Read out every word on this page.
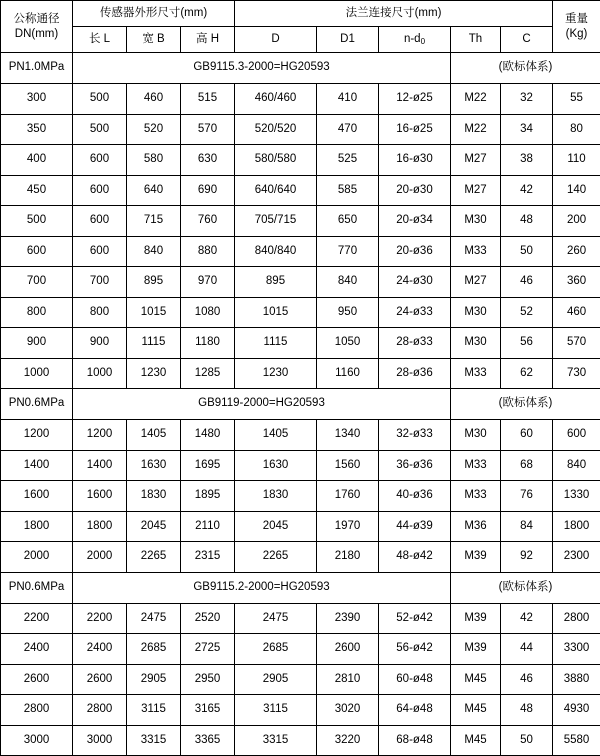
公称通径
DN(mm)	传感器外形尺寸(mm)			法兰连接尺寸(mm)					重量
(Kg)

	长 L	宽 B	高 H	D	D1	$n-d_0$	Th	C	
PN1.0MPa	GB9115.3-2000=HG20593						(欧标体系)		
300	500	460	515	460/460	410	12-ø25	M22	32	55
350	500	520	570	520/520	470	16-ø25	M22	34	80
400	600	580	630	580/580	525	16-ø30	M27	38	110
450	600	640	690	640/640	585	20-ø30	M27	42	140
500	600	715	760	705/715	650	20-ø34	M30	48	200
600	600	840	880	840/840	770	20-ø36	M33	50	260
700	700	895	970	895	840	24-ø30	M27	46	360
800	800	1015	1080	1015	950	24-ø33	M30	52	460
900	900	1115	1180	1115	1050	28-ø33	M30	56	570
1000	1000	1230	1285	1230	1160	28-ø36	M33	62	730
PN0.6MPa	GB9119-2000=HG20593						(欧标体系)		
1200	1200	1405	1480	1405	1340	32-ø33	M30	60	600
1400	1400	1630	1695	1630	1560	36-ø36	M33	68	840
1600	1600	1830	1895	1830	1760	40-ø36	M33	76	1330
1800	1800	2045	2110	2045	1970	44-ø39	M36	84	1800
2000	2000	2265	2315	2265	2180	48-ø42	M39	92	2300
PN0.6MPa	GB9115.2-2000=HG20593						(欧标体系)		
2200	2200	2475	2520	2475	2390	52-ø42	M39	42	2800
2400	2400	2685	2725	2685	2600	56-ø42	M39	44	3300
2600	2600	2905	2950	2905	2810	60-ø48	M45	46	3880
2800	2800	3115	3165	3115	3020	64-ø48	M45	48	4930
3000	3000	3315	3365	3315	3220	68-ø48	M45	50	5580
